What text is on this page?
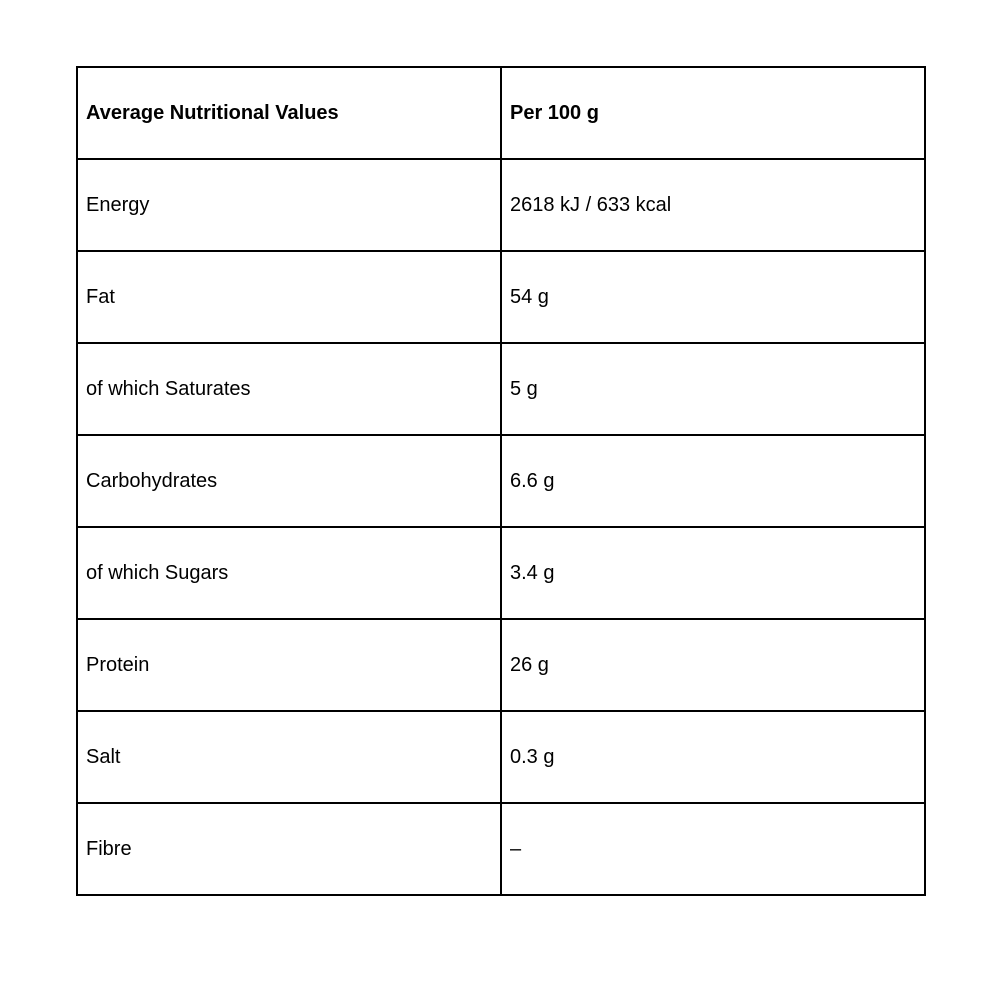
Average Nutritional Values	Per 100 g
Energy	2618 kJ / 633 kcal
Fat	54 g
of which Saturates	5 g
Carbohydrates	6.6 g
of which Sugars	3.4 g
Protein	26 g
Salt	0.3 g
Fibre	–
